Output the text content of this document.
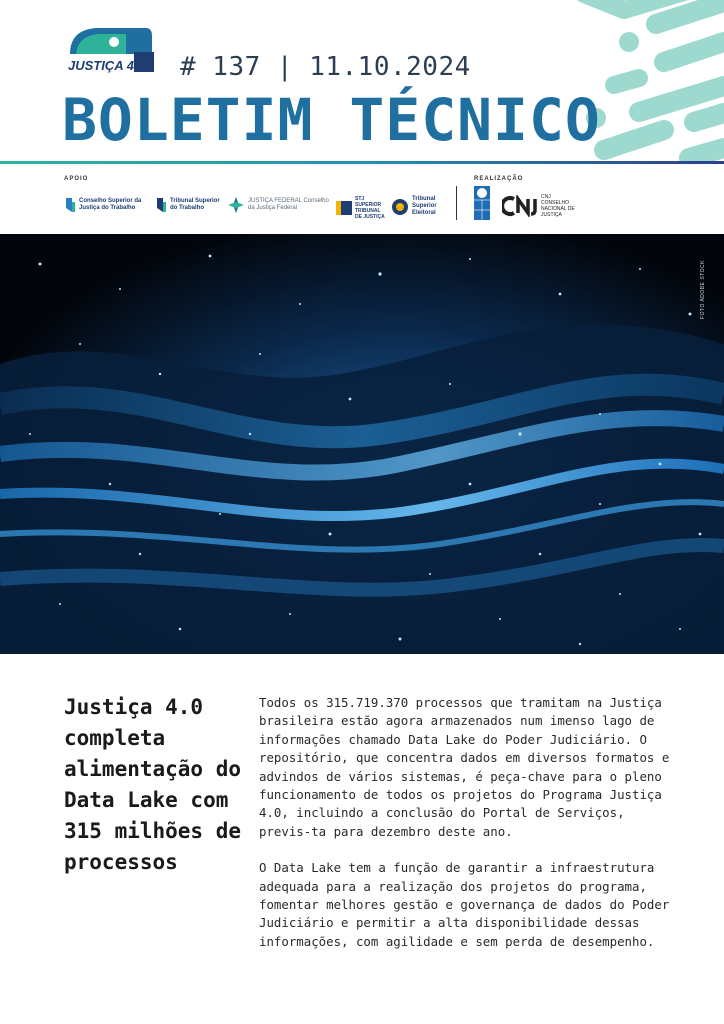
JUSTIÇA 4.0 # 137 | 11.10.2024
BOLETIM TÉCNICO
APOIO	REALIZAÇÃO
Conselho Superior da Justiça do Trabalho
Tribunal Superior do Trabalho
JUSTIÇA FEDERAL Conselho da Justiça Federal
STJ SUPERIOR TRIBUNAL DE JUSTIÇA
Tribunal Superior Eleitoral
CNJ CONSELHO NACIONAL DE JUSTIÇA
FOTO ADOBE STOCK
Justiça 4.0 completa alimentação do Data Lake com 315 milhões de processos

Todos os 315.719.370 processos que tramitam na Justiça brasileira estão agora armazenados num imenso lago de informações chamado Data Lake do Poder Judiciário. O repositório, que concentra dados em diversos formatos e advindos de vários sistemas, é peça-chave para o pleno funcionamento de todos os projetos do Programa Justiça 4.0, incluindo a conclusão do Portal de Serviços, previs-ta para dezembro deste ano.

O Data Lake tem a função de garantir a infraestrutura adequada para a realização dos projetos do programa, fomentar melhores gestão e governança de dados do Poder Judiciário e permitir a alta disponibilidade dessas informações, com agilidade e sem perda de desempenho.
